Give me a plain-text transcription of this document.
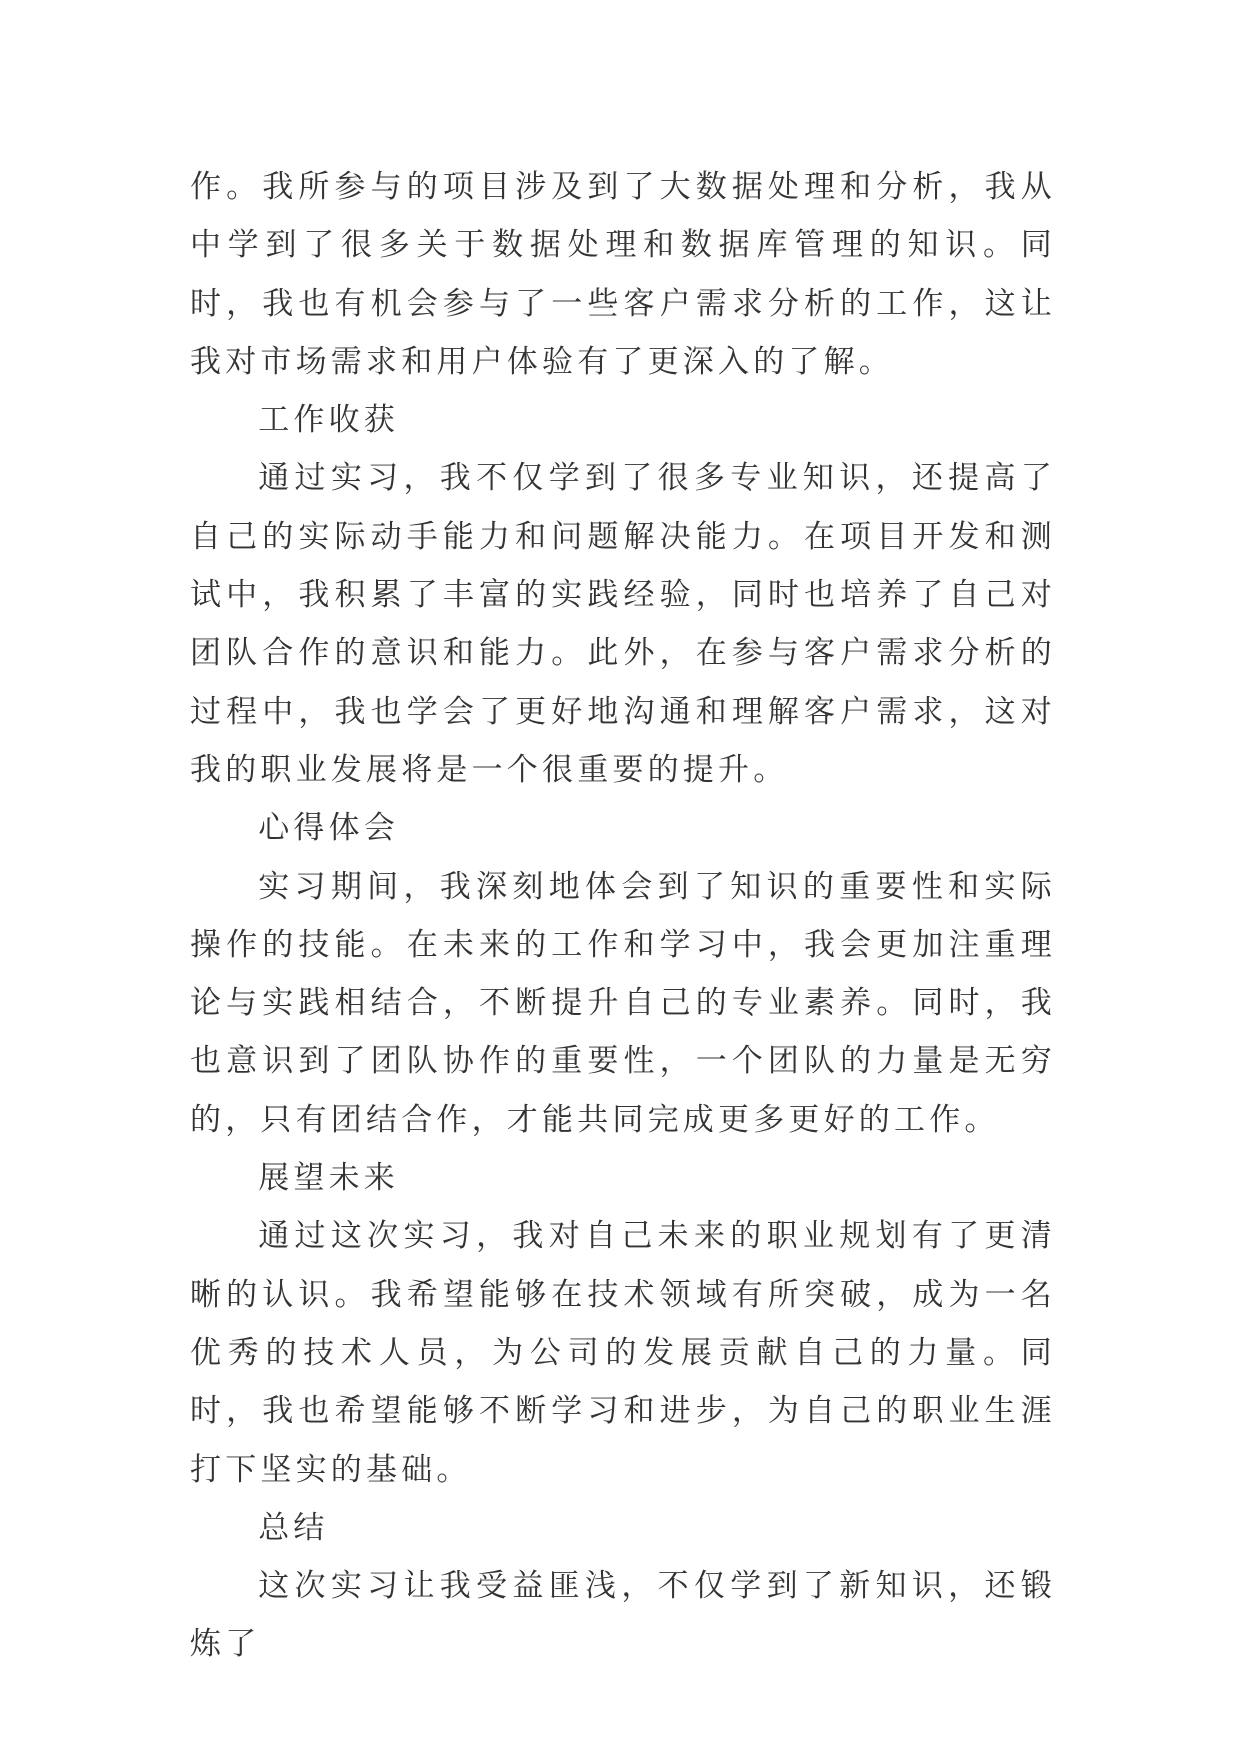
作。我所参与的项目涉及到了大数据处理和分析，我从中学到了很多关于数据处理和数据库管理的知识。同时，我也有机会参与了一些客户需求分析的工作，这让我对市场需求和用户体验有了更深入的了解。

工作收获

通过实习，我不仅学到了很多专业知识，还提高了自己的实际动手能力和问题解决能力。在项目开发和测试中，我积累了丰富的实践经验，同时也培养了自己对团队合作的意识和能力。此外，在参与客户需求分析的过程中，我也学会了更好地沟通和理解客户需求，这对我的职业发展将是一个很重要的提升。

心得体会

实习期间，我深刻地体会到了知识的重要性和实际操作的技能。在未来的工作和学习中，我会更加注重理论与实践相结合，不断提升自己的专业素养。同时，我也意识到了团队协作的重要性，一个团队的力量是无穷的，只有团结合作，才能共同完成更多更好的工作。

展望未来

通过这次实习，我对自己未来的职业规划有了更清晰的认识。我希望能够在技术领域有所突破，成为一名优秀的技术人员，为公司的发展贡献自己的力量。同时，我也希望能够不断学习和进步，为自己的职业生涯打下坚实的基础。

总结

这次实习让我受益匪浅，不仅学到了新知识，还锻炼了
